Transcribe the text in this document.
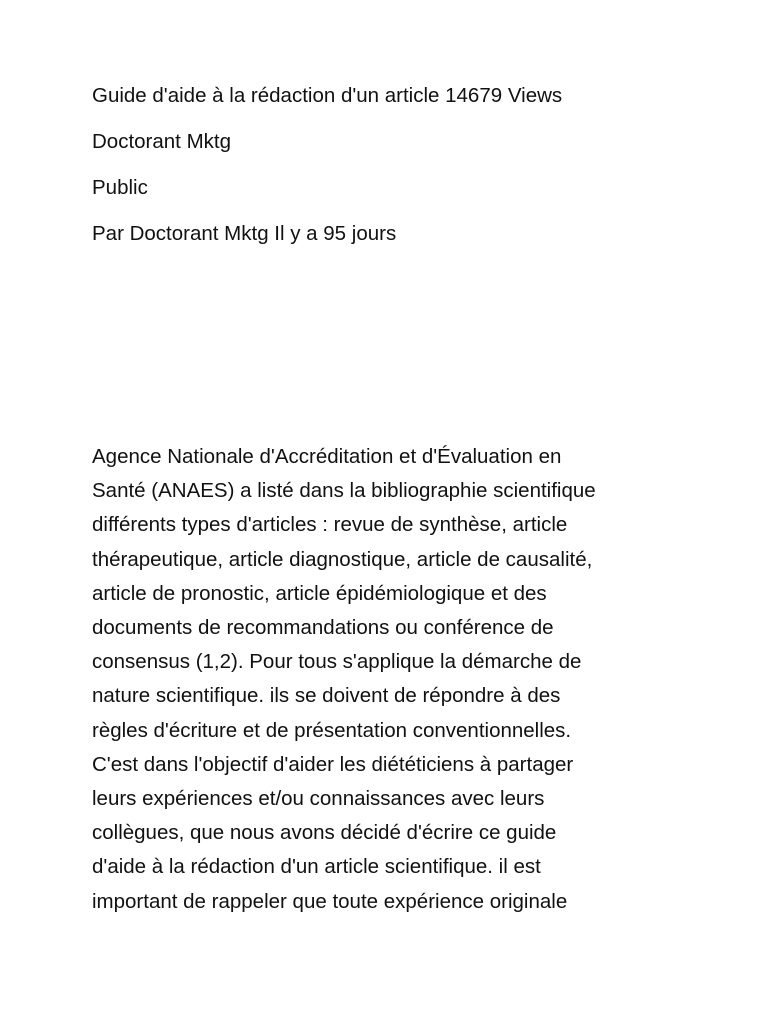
Guide d'aide à la rédaction d'un article 14679 Views

Doctorant Mktg

Public

Par Doctorant Mktg Il y a 95 jours

Agence Nationale d'Accréditation et d'Évaluation en

Santé (ANAES) a listé dans la bibliographie scientifique

différents types d'articles : revue de synthèse, article

thérapeutique, article diagnostique, article de causalité,

article de pronostic, article épidémiologique et des

documents de recommandations ou conférence de

consensus (1,2). Pour tous s'applique la démarche de

nature scientifique. ils se doivent de répondre à des

règles d'écriture et de présentation conventionnelles.

C'est dans l'objectif d'aider les diététiciens à partager

leurs expériences et/ou connaissances avec leurs

collègues, que nous avons décidé d'écrire ce guide

d'aide à la rédaction d'un article scientifique. il est

important de rappeler que toute expérience originale
